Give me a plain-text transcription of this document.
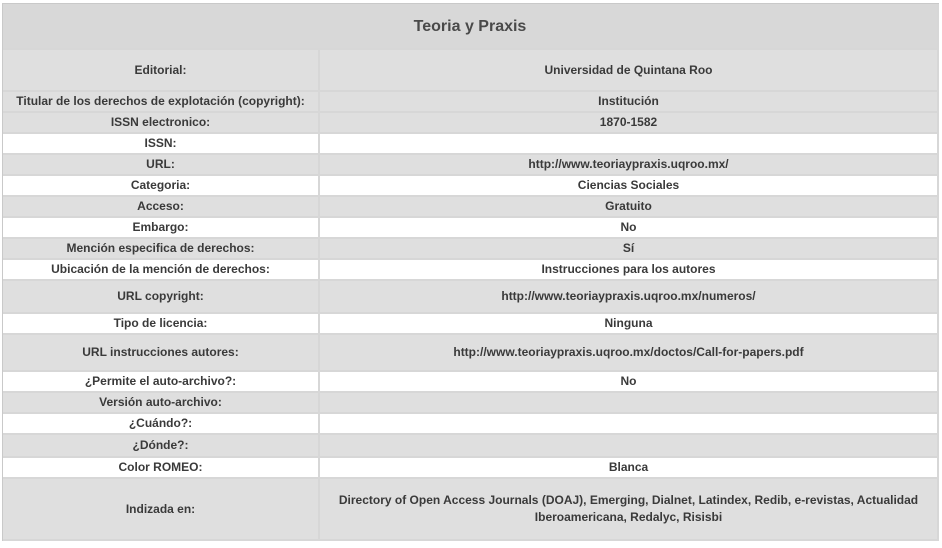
Teoria y Praxis	
Editorial:	Universidad de Quintana Roo
Titular de los derechos de explotación (copyright):	Institución
ISSN electronico:	1870-1582
ISSN:	
URL:	http://www.teoriaypraxis.uqroo.mx/
Categoria:	Ciencias Sociales
Acceso:	Gratuito
Embargo:	No
Mención especifica de derechos:	Sí
Ubicación de la mención de derechos:	Instrucciones para los autores
URL copyright:	http://www.teoriaypraxis.uqroo.mx/numeros/
Tipo de licencia:	Ninguna
URL instrucciones autores:	http://www.teoriaypraxis.uqroo.mx/doctos/Call-for-papers.pdf
¿Permite el auto-archivo?:	No
Versión auto-archivo:	
¿Cuándo?:	
¿Dónde?:	
Color ROMEO:	Blanca
Indizada en:	Directory of Open Access Journals (DOAJ), Emerging, Dialnet, Latindex, Redib, e-revistas, Actualidad Iberoamericana, Redalyc, Risisbi
